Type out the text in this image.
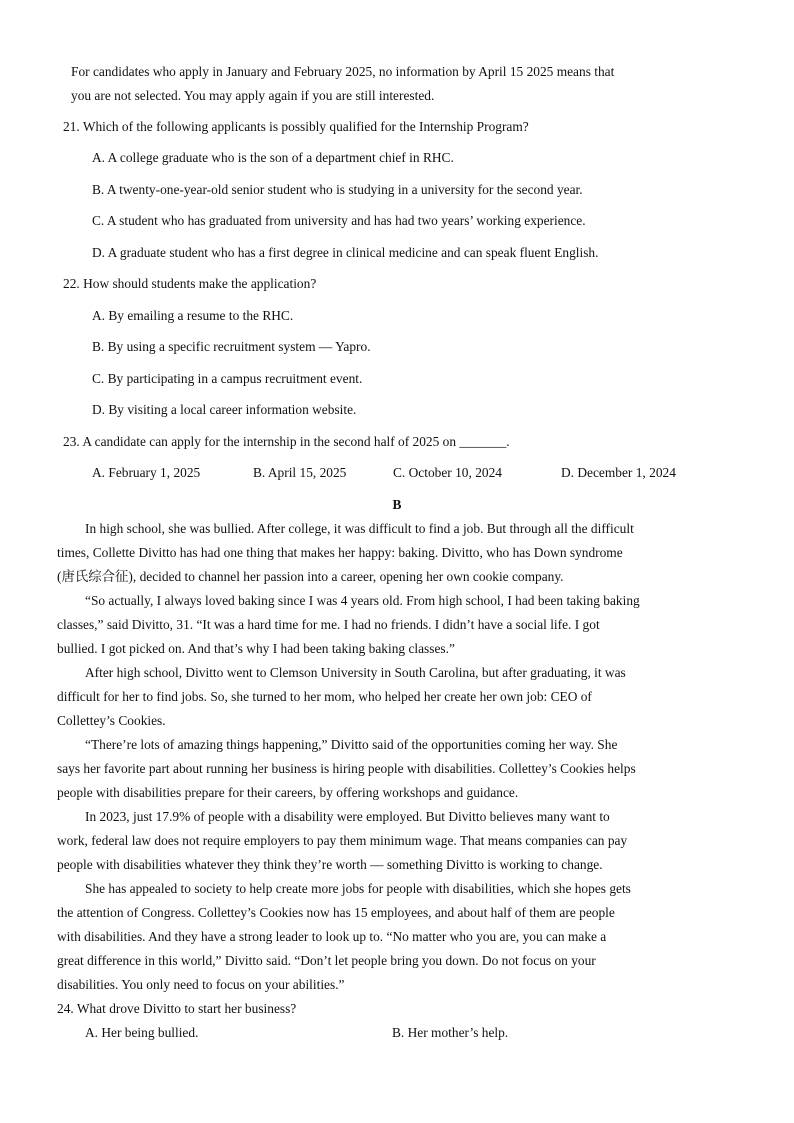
For candidates who apply in January and February 2025, no information by April 15 2025 means that
you are not selected. You may apply again if you are still interested.
21. Which of the following applicants is possibly qualified for the Internship Program?
A. A college graduate who is the son of a department chief in RHC.
B. A twenty-one-year-old senior student who is studying in a university for the second year.
C. A student who has graduated from university and has had two years’ working experience.
D. A graduate student who has a first degree in clinical medicine and can speak fluent English.
22. How should students make the application?
A. By emailing a resume to the RHC.
B. By using a specific recruitment system — Yapro.
C. By participating in a campus recruitment event.
D. By visiting a local career information website.
23. A candidate can apply for the internship in the second half of 2025 on _______.
A. February 1, 2025	B. April 15, 2025	C. October 10, 2024	D. December 1, 2024
B
In high school, she was bullied. After college, it was difficult to find a job. But through all the difficult
times, Collette Divitto has had one thing that makes her happy: baking. Divitto, who has Down syndrome
(唐氏综合征), decided to channel her passion into a career, opening her own cookie company.
“So actually, I always loved baking since I was 4 years old. From high school, I had been taking baking
classes,” said Divitto, 31. “It was a hard time for me. I had no friends. I didn’t have a social life. I got
bullied. I got picked on. And that’s why I had been taking baking classes.”
After high school, Divitto went to Clemson University in South Carolina, but after graduating, it was
difficult for her to find jobs. So, she turned to her mom, who helped her create her own job: CEO of
Collettey’s Cookies.
“There’re lots of amazing things happening,” Divitto said of the opportunities coming her way. She
says her favorite part about running her business is hiring people with disabilities. Collettey’s Cookies helps
people with disabilities prepare for their careers, by offering workshops and guidance.
In 2023, just 17.9% of people with a disability were employed. But Divitto believes many want to
work, federal law does not require employers to pay them minimum wage. That means companies can pay
people with disabilities whatever they think they’re worth — something Divitto is working to change.
She has appealed to society to help create more jobs for people with disabilities, which she hopes gets
the attention of Congress. Collettey’s Cookies now has 15 employees, and about half of them are people
with disabilities. And they have a strong leader to look up to. “No matter who you are, you can make a
great difference in this world,” Divitto said. “Don’t let people bring you down. Do not focus on your
disabilities. You only need to focus on your abilities.”
24. What drove Divitto to start her business?
A. Her being bullied.	B. Her mother’s help.
